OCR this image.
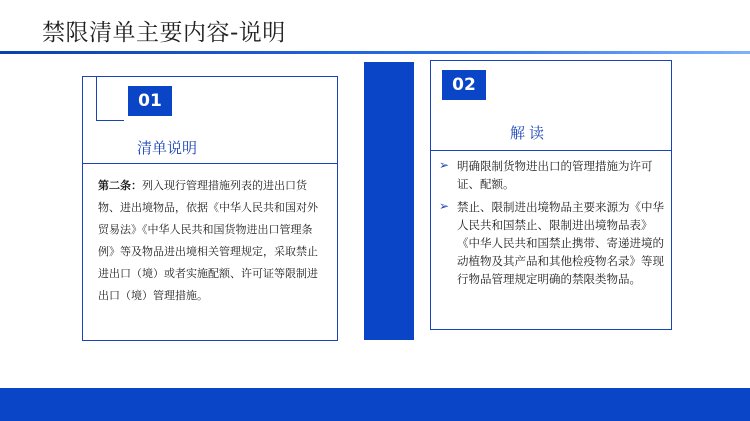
禁限清单主要内容-说明
01
清单说明
第二条：列入现行管理措施列表的进出口货物、进出境物品，依据《中华人民共和国对外贸易法》《中华人民共和国货物进出口管理条例》等及物品进出境相关管理规定，采取禁止进出口（境）或者实施配额、许可证等限制进出口（境）管理措施。
02
解读
➢ 明确限制货物进出口的管理措施为许可证、配额。
➢ 禁止、限制进出境物品主要来源为《中华人民共和国禁止、限制进出境物品表》《中华人民共和国禁止携带、寄递进境的动植物及其产品和其他检疫物名录》等现行物品管理规定明确的禁限类物品。
